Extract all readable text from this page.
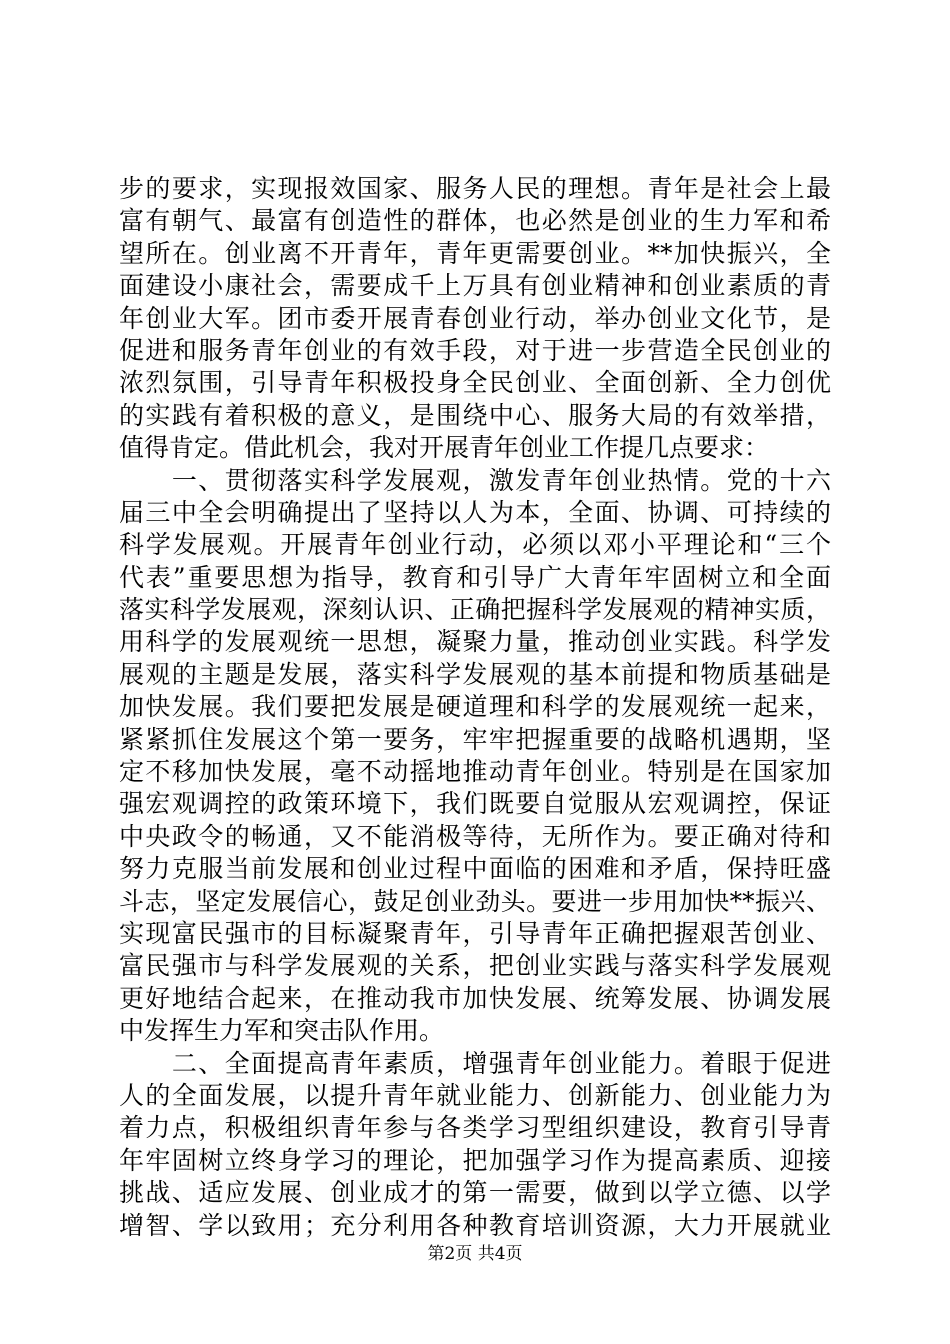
步的要求，实现报效国家、服务人民的理想。青年是社会上最
富有朝气、最富有创造性的群体，也必然是创业的生力军和希
望所在。创业离不开青年，青年更需要创业。**加快振兴，全
面建设小康社会，需要成千上万具有创业精神和创业素质的青
年创业大军。团市委开展青春创业行动，举办创业文化节，是
促进和服务青年创业的有效手段，对于进一步营造全民创业的
浓烈氛围，引导青年积极投身全民创业、全面创新、全力创优
的实践有着积极的意义，是围绕中心、服务大局的有效举措，
值得肯定。借此机会，我对开展青年创业工作提几点要求：
　　一、贯彻落实科学发展观，激发青年创业热情。党的十六
届三中全会明确提出了坚持以人为本，全面、协调、可持续的
科学发展观。开展青年创业行动，必须以邓小平理论和“三个
代表”重要思想为指导，教育和引导广大青年牢固树立和全面
落实科学发展观，深刻认识、正确把握科学发展观的精神实质，
用科学的发展观统一思想，凝聚力量，推动创业实践。科学发
展观的主题是发展，落实科学发展观的基本前提和物质基础是
加快发展。我们要把发展是硬道理和科学的发展观统一起来，
紧紧抓住发展这个第一要务，牢牢把握重要的战略机遇期，坚
定不移加快发展，毫不动摇地推动青年创业。特别是在国家加
强宏观调控的政策环境下，我们既要自觉服从宏观调控，保证
中央政令的畅通，又不能消极等待，无所作为。要正确对待和
努力克服当前发展和创业过程中面临的困难和矛盾，保持旺盛
斗志，坚定发展信心，鼓足创业劲头。要进一步用加快**振兴、
实现富民强市的目标凝聚青年，引导青年正确把握艰苦创业、
富民强市与科学发展观的关系，把创业实践与落实科学发展观
更好地结合起来，在推动我市加快发展、统筹发展、协调发展
中发挥生力军和突击队作用。
　　二、全面提高青年素质，增强青年创业能力。着眼于促进
人的全面发展，以提升青年就业能力、创新能力、创业能力为
着力点，积极组织青年参与各类学习型组织建设，教育引导青
年牢固树立终身学习的理论，把加强学习作为提高素质、迎接
挑战、适应发展、创业成才的第一需要，做到以学立德、以学
增智、学以致用；充分利用各种教育培训资源，大力开展就业
第2页 共4页
